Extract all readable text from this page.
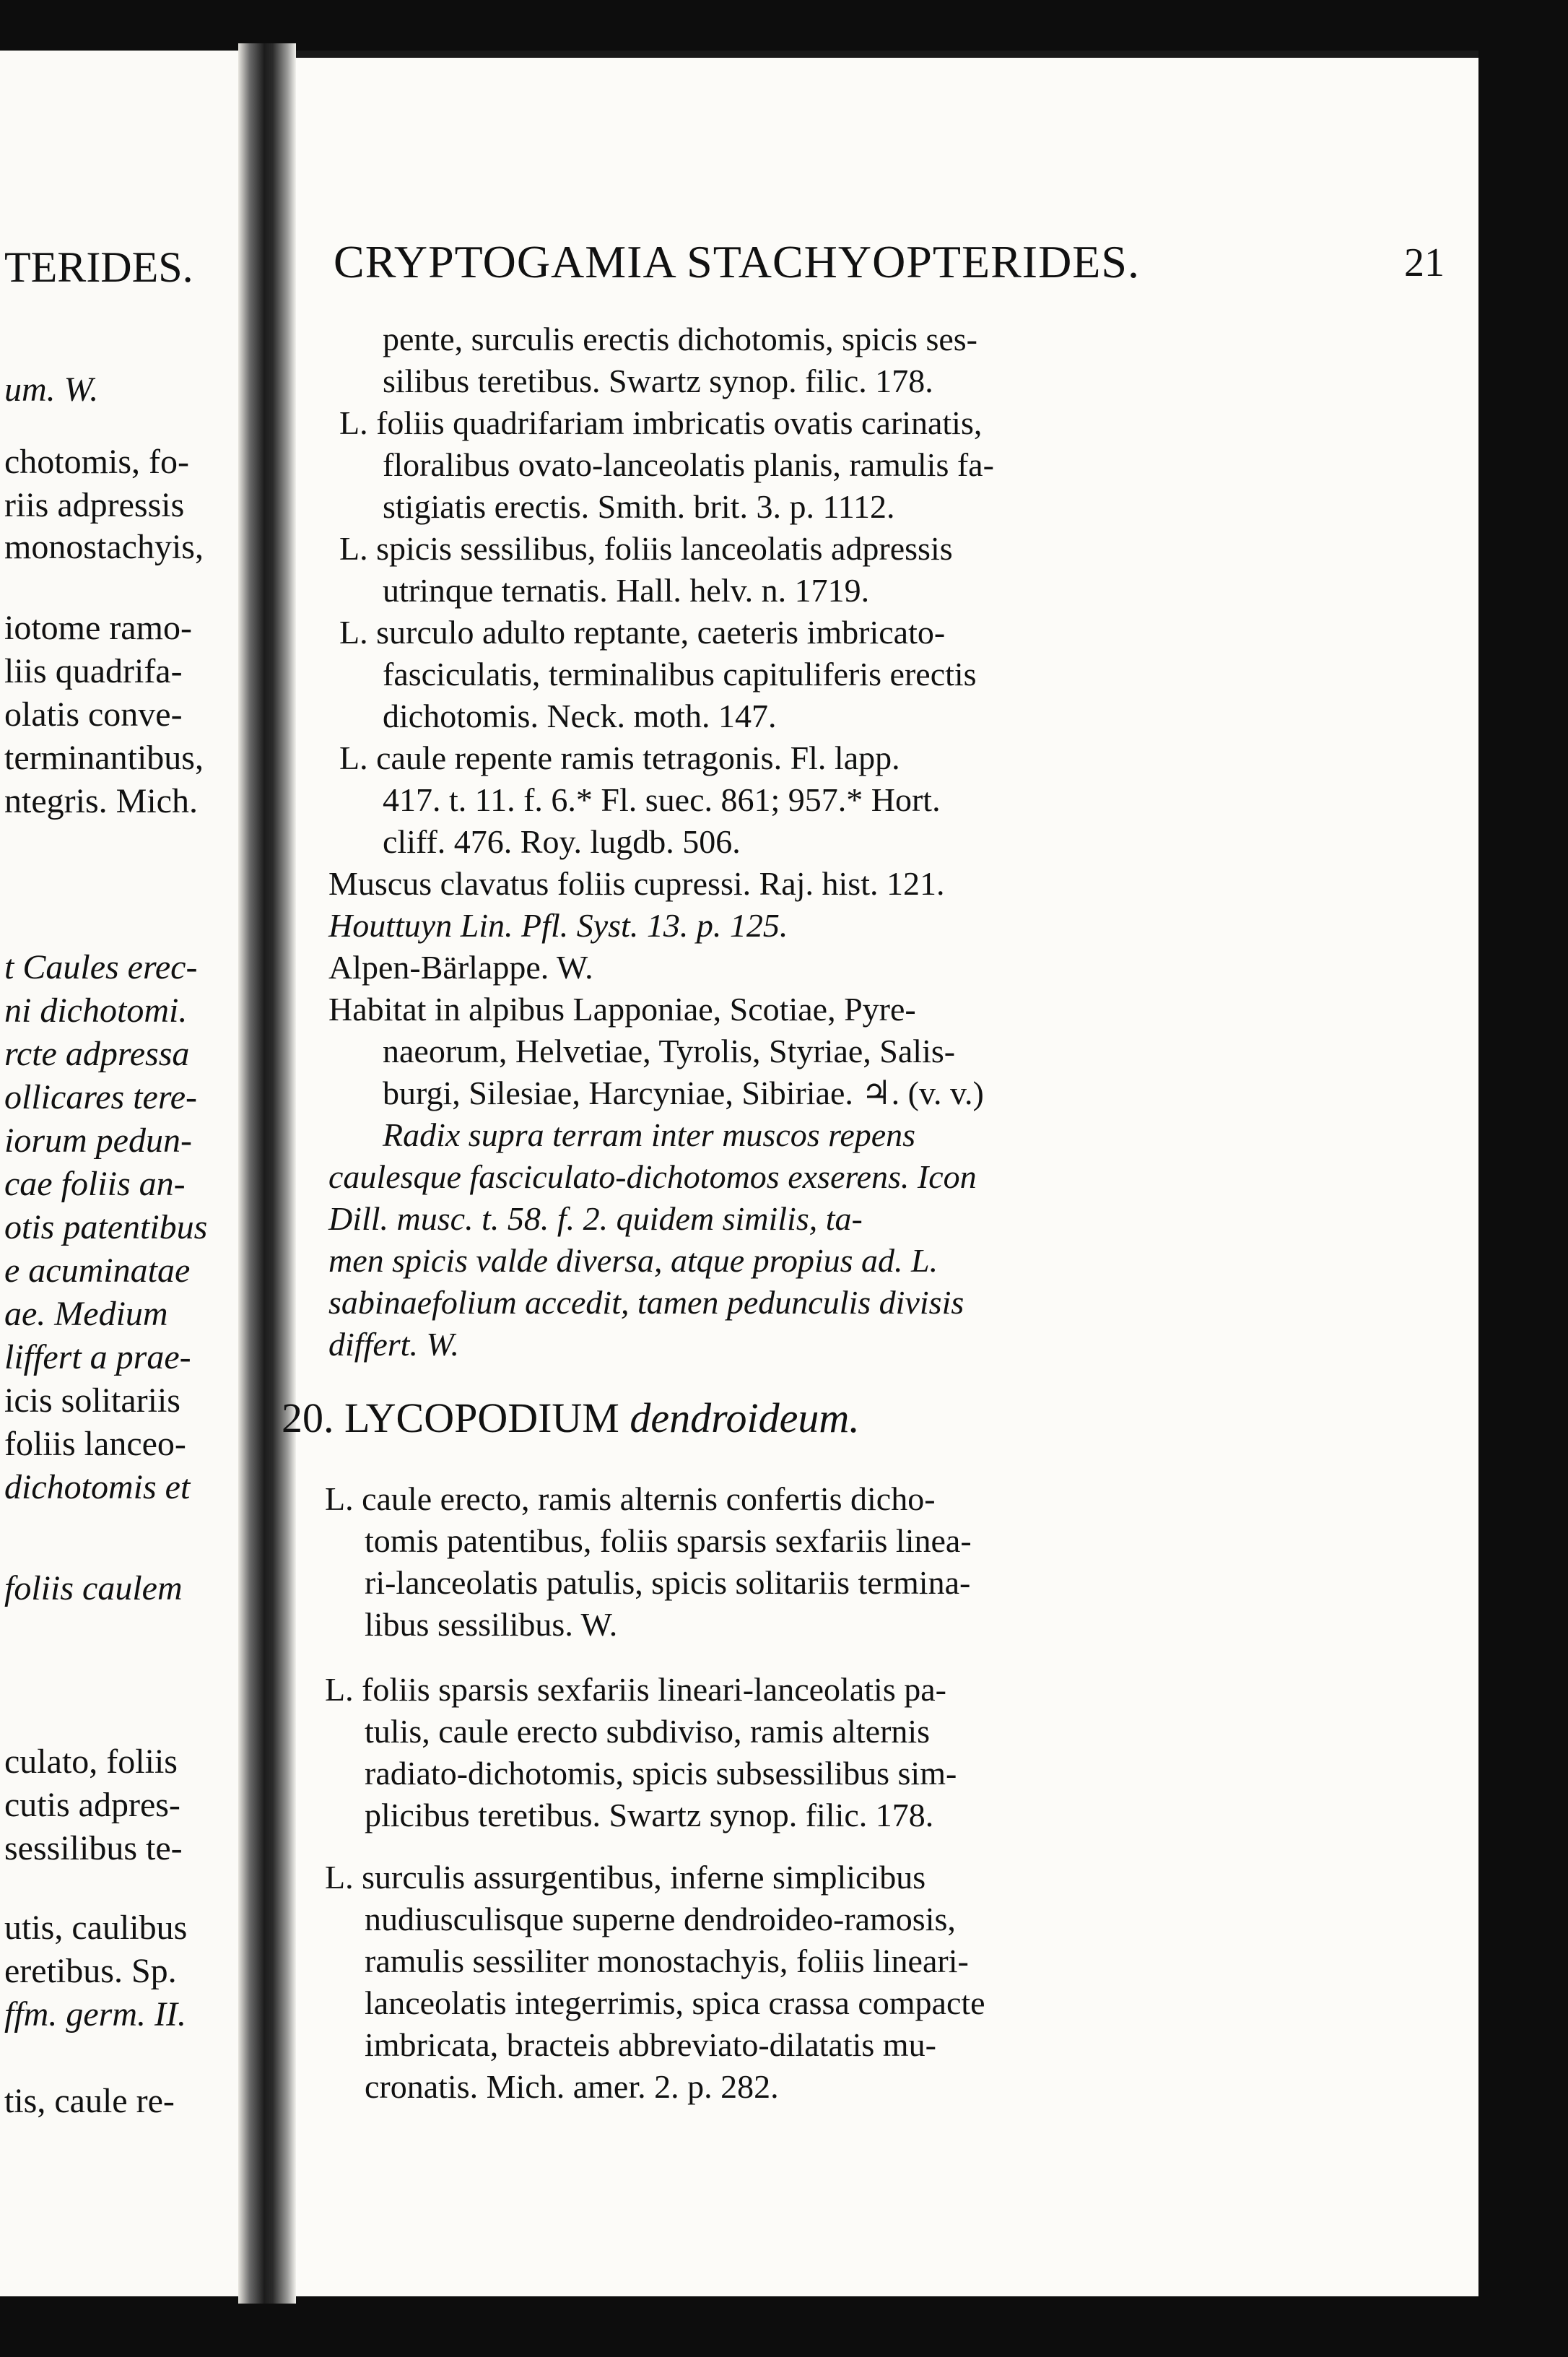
TERIDES.
um. W.
chotomis, fo-
riis adpressis
monostachyis,
iotome ramo-
liis quadrifa-
olatis conve-
terminantibus,
ntegris. Mich.
t Caules erec-
ni dichotomi.
rcte adpressa
ollicares tere-
iorum pedun-
cae foliis an-
otis patentibus
e acuminatae
ae. Medium
liffert a prae-
icis solitariis
foliis lanceo-
dichotomis et
foliis caulem
culato, foliis
cutis adpres-
sessilibus te-
utis, caulibus
eretibus. Sp.
ffm. germ. II.
tis, caule re-
CRYPTOGAMIA STACHYOPTERIDES.	21
pente, surculis erectis dichotomis, spicis ses-
silibus teretibus. Swartz synop. filic. 178.
L. foliis quadrifariam imbricatis ovatis carinatis,
floralibus ovato-lanceolatis planis, ramulis fa-
stigiatis erectis. Smith. brit. 3. p. 1112.
L. spicis sessilibus, foliis lanceolatis adpressis
utrinque ternatis. Hall. helv. n. 1719.
L. surculo adulto reptante, caeteris imbricato-
fasciculatis, terminalibus capituliferis erectis
dichotomis. Neck. moth. 147.
L. caule repente ramis tetragonis. Fl. lapp.
417. t. 11. f. 6.* Fl. suec. 861; 957.* Hort.
cliff. 476. Roy. lugdb. 506.
Muscus clavatus foliis cupressi. Raj. hist. 121.
Houttuyn Lin. Pfl. Syst. 13. p. 125.
Alpen-Bärlappe. W.
Habitat in alpibus Lapponiae, Scotiae, Pyre-
naeorum, Helvetiae, Tyrolis, Styriae, Salis-
burgi, Silesiae, Harcyniae, Sibiriae. ♃. (v. v.)
Radix supra terram inter muscos repens
caulesque fasciculato-dichotomos exserens. Icon
Dill. musc. t. 58. f. 2. quidem similis, ta-
men spicis valde diversa, atque propius ad. L.
sabinaefolium accedit, tamen pedunculis divisis
differt. W.
20. LYCOPODIUM dendroideum.
L. caule erecto, ramis alternis confertis dicho-
tomis patentibus, foliis sparsis sexfariis linea-
ri-lanceolatis patulis, spicis solitariis termina-
libus sessilibus. W.
L. foliis sparsis sexfariis lineari-lanceolatis pa-
tulis, caule erecto subdiviso, ramis alternis
radiato-dichotomis, spicis subsessilibus sim-
plicibus teretibus. Swartz synop. filic. 178.
L. surculis assurgentibus, inferne simplicibus
nudiusculisque superne dendroideo-ramosis,
ramulis sessiliter monostachyis, foliis lineari-
lanceolatis integerrimis, spica crassa compacte
imbricata, bracteis abbreviato-dilatatis mu-
cronatis. Mich. amer. 2. p. 282.
